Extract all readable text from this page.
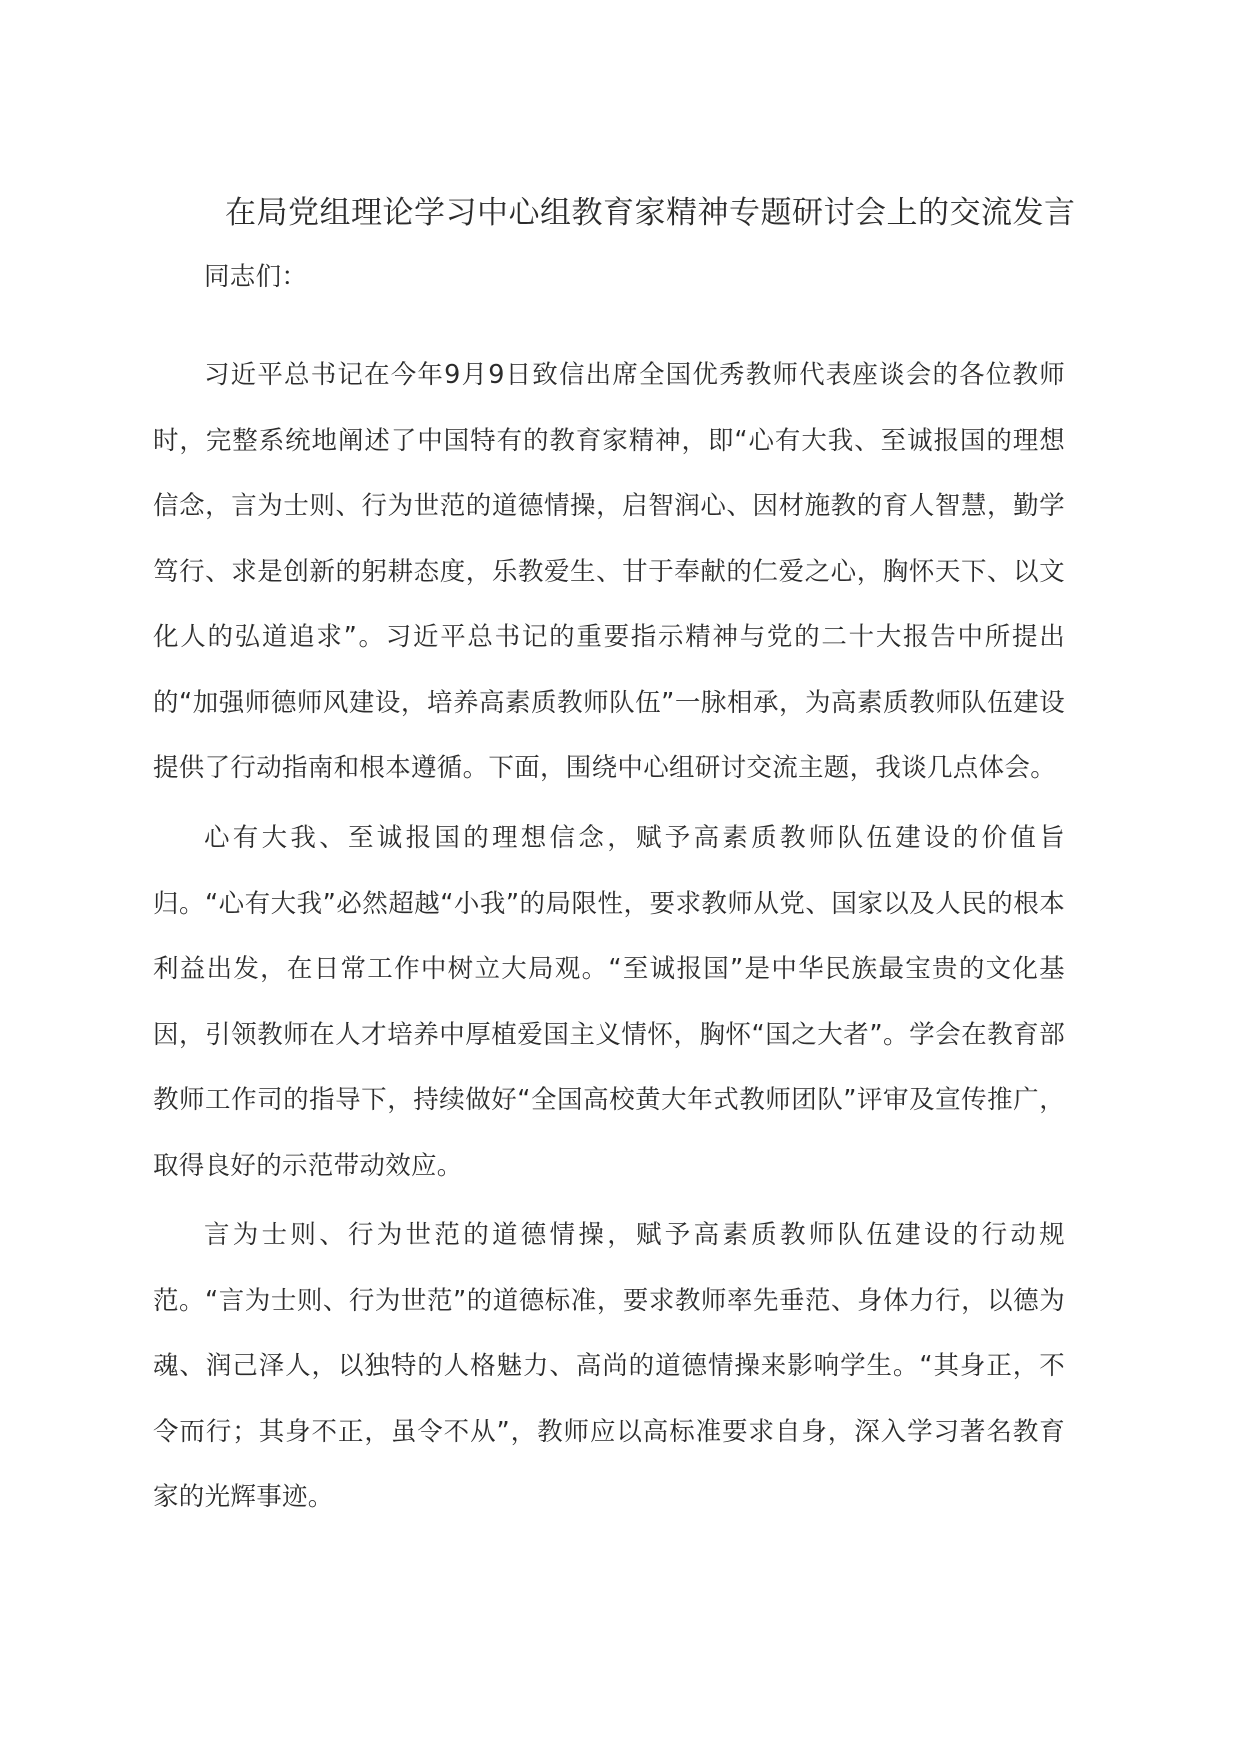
在局党组理论学习中心组教育家精神专题研讨会上的交流发言

同志们：

习近平总书记在今年9月9日致信出席全国优秀教师代表座谈会的各位教师时，完整系统地阐述了中国特有的教育家精神，即“心有大我、至诚报国的理想信念，言为士则、行为世范的道德情操，启智润心、因材施教的育人智慧，勤学笃行、求是创新的躬耕态度，乐教爱生、甘于奉献的仁爱之心，胸怀天下、以文化人的弘道追求”。习近平总书记的重要指示精神与党的二十大报告中所提出的“加强师德师风建设，培养高素质教师队伍”一脉相承，为高素质教师队伍建设提供了行动指南和根本遵循。下面，围绕中心组研讨交流主题，我谈几点体会。

心有大我、至诚报国的理想信念，赋予高素质教师队伍建设的价值旨归。“心有大我”必然超越“小我”的局限性，要求教师从党、国家以及人民的根本利益出发，在日常工作中树立大局观。“至诚报国”是中华民族最宝贵的文化基因，引领教师在人才培养中厚植爱国主义情怀，胸怀“国之大者”。学会在教育部教师工作司的指导下，持续做好“全国高校黄大年式教师团队”评审及宣传推广，取得良好的示范带动效应。

言为士则、行为世范的道德情操，赋予高素质教师队伍建设的行动规范。“言为士则、行为世范”的道德标准，要求教师率先垂范、身体力行，以德为魂、润己泽人，以独特的人格魅力、高尚的道德情操来影响学生。“其身正，不令而行；其身不正，虽令不从”，教师应以高标准要求自身，深入学习著名教育家的光辉事迹。
